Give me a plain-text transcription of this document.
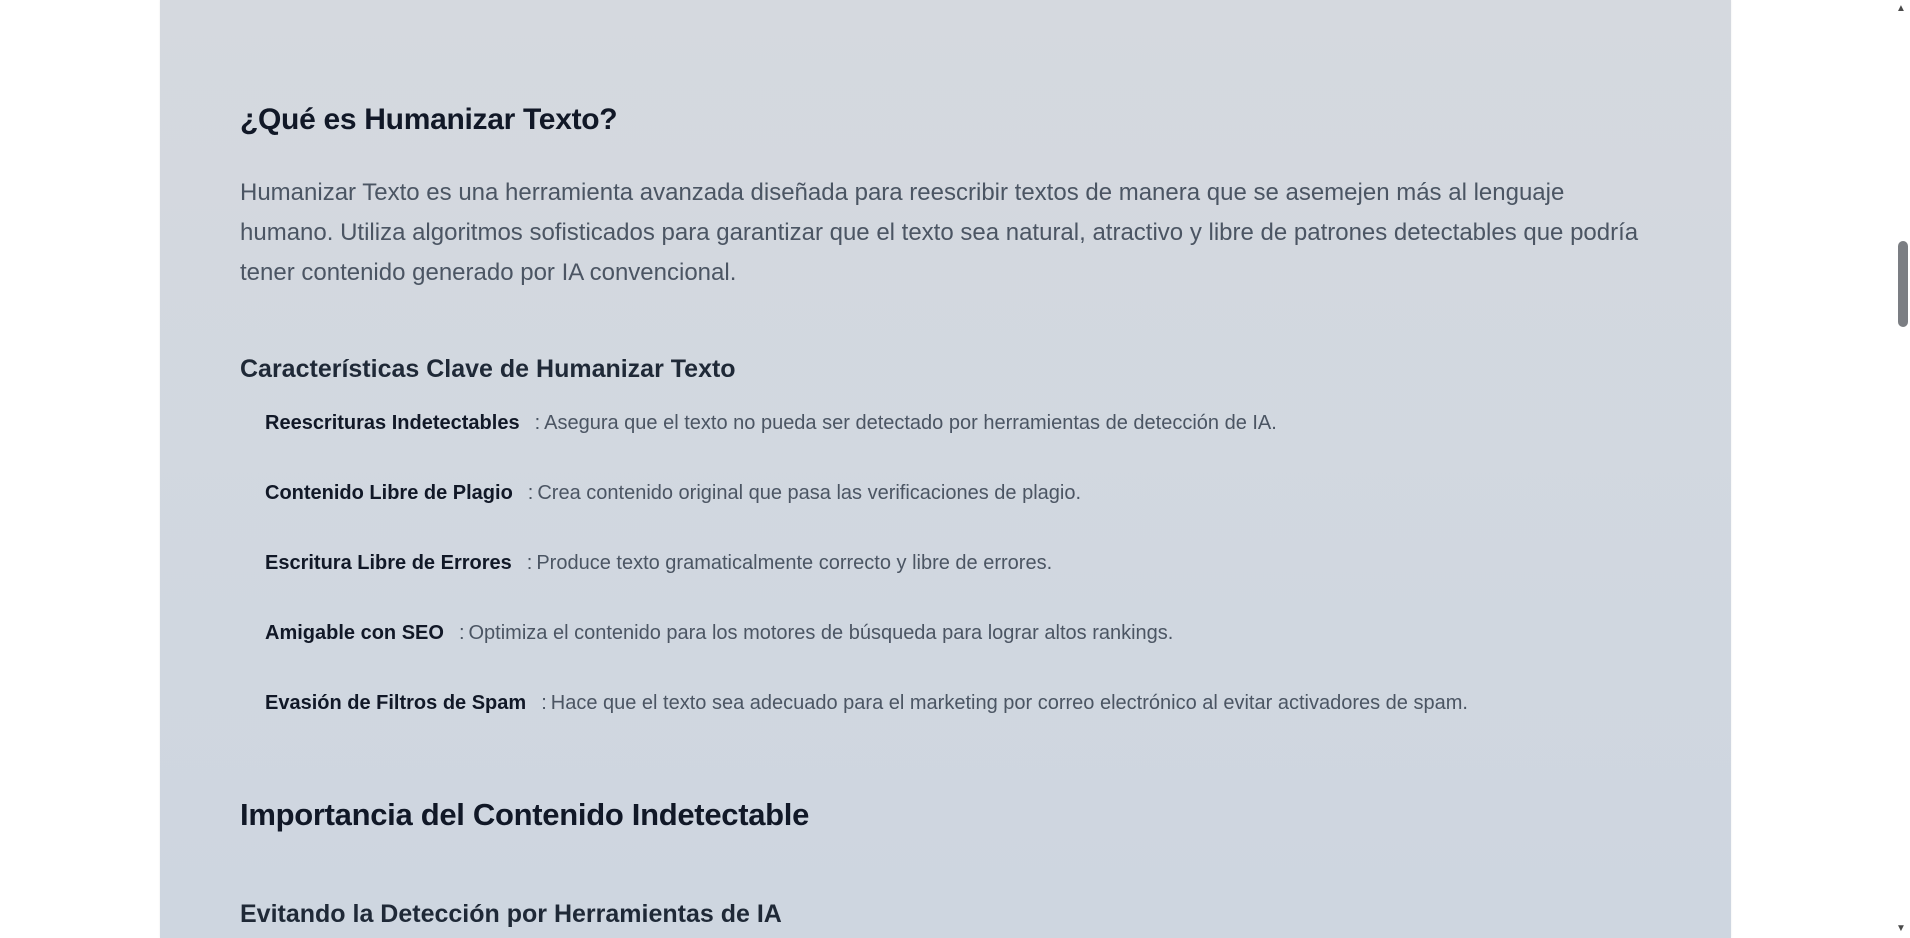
¿Qué es Humanizar Texto?

Humanizar Texto es una herramienta avanzada diseñada para reescribir textos de manera que se asemejen más al lenguaje humano. Utiliza algoritmos sofisticados para garantizar que el texto sea natural, atractivo y libre de patrones detectables que podría tener contenido generado por IA convencional.

Características Clave de Humanizar Texto
Reescrituras Indetectables : Asegura que el texto no pueda ser detectado por herramientas de detección de IA.
Contenido Libre de Plagio : Crea contenido original que pasa las verificaciones de plagio.
Escritura Libre de Errores : Produce texto gramaticalmente correcto y libre de errores.
Amigable con SEO : Optimiza el contenido para los motores de búsqueda para lograr altos rankings.
Evasión de Filtros de Spam : Hace que el texto sea adecuado para el marketing por correo electrónico al evitar activadores de spam.
Importancia del Contenido Indetectable
Evitando la Detección por Herramientas de IA
▲
▼
